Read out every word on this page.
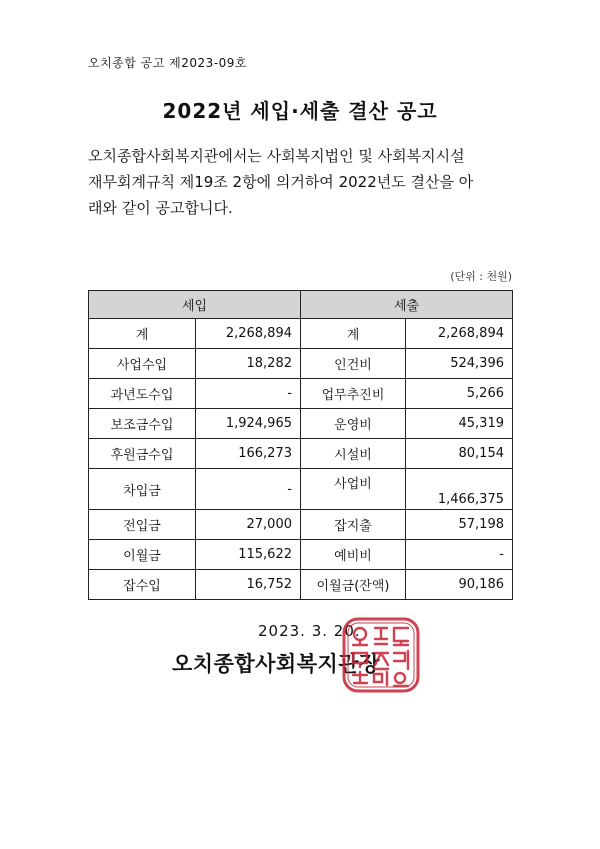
오치종합 공고 제2023-09호
2022년 세입·세출 결산 공고
오치종합사회복지관에서는 사회복지법인 및 사회복지시설
재무회계규칙 제19조 2항에 의거하여 2022년도 결산을 아
래와 같이 공고합니다.
(단위 : 천원)
세입		세출	
계	2,268,894	계	2,268,894
사업수입	18,282	인건비	524,396
과년도수입	-	업무추진비	5,266
보조금수입	1,924,965	운영비	45,319
후원금수입	166,273	시설비	80,154
차입금	-	사업비	1,466,375
전입금	27,000	잡지출	57,198
이월금	115,622	예비비	-
잡수입	16,752	이월금(잔액)	90,186
2023. 3. 20.
오치종합사회복지관장
